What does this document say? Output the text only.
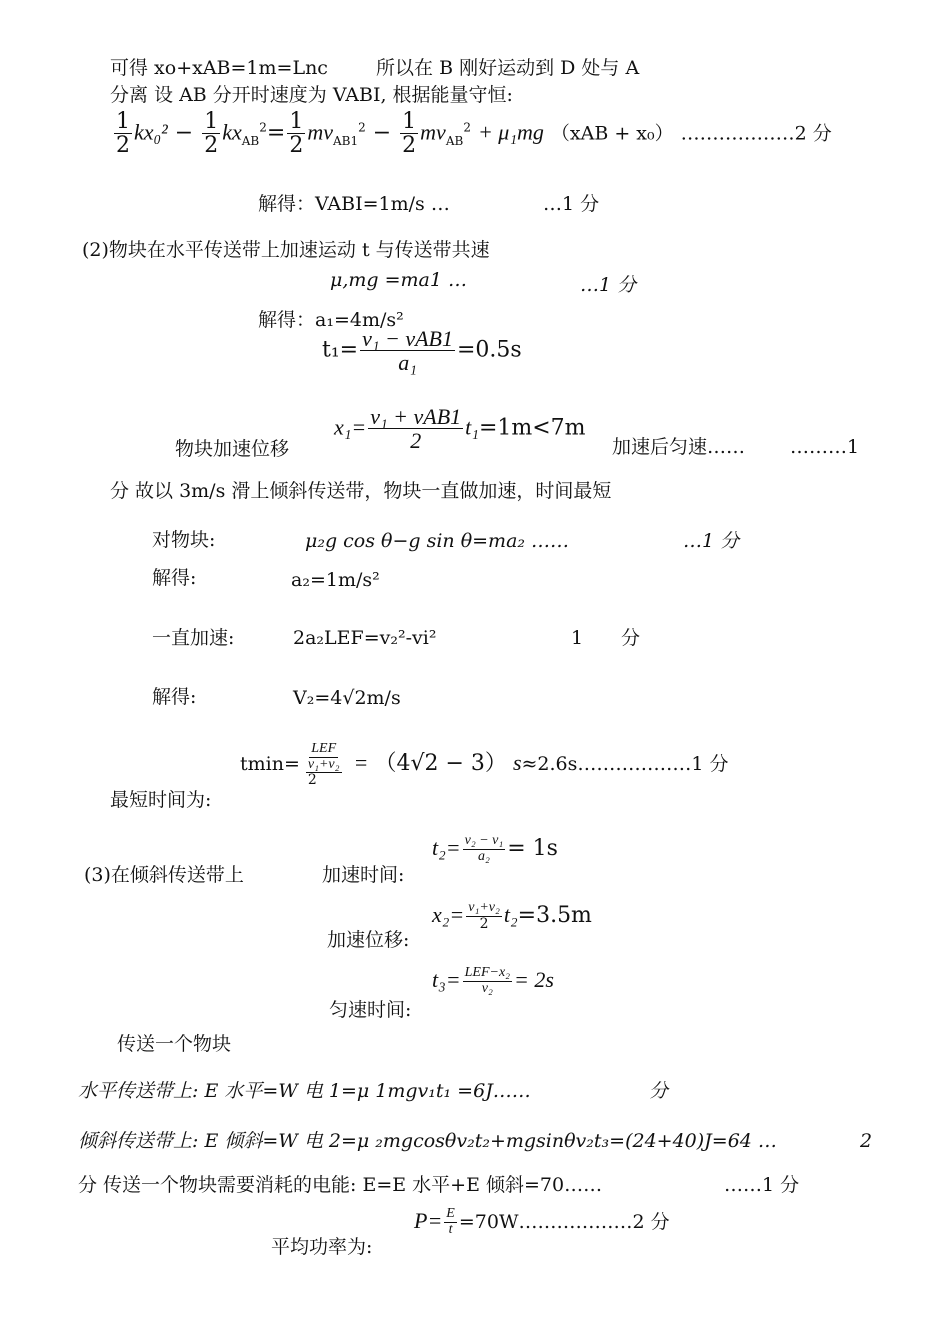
可得 xo+xAB=1m=Lnc	所以在 B 刚好运动到 D 处与 A
分离 设 AB 分开时速度为 VABI, 根据能量守恒:
$\frac{1}{2} kx_0^2 - \frac{1}{2} kx_{AB}^2= \frac{1}{2} mv_{AB1}^2 - \frac{1}{2} mv_{AB}^2 + \mu_1mg$ （xAB + x₀） ………………2 分
解得：VABI=1m/s …	…1 分
(2)物块在水平传送带上加速运动 t 与传送带共速
μ,mg =ma1 …	…1 分
解得：a₁=4m/s²
$t_1= \frac{\text{v₁ − vAB1}}{\text{a₁}} =0.5s$
物块加速位移
$x_1= \frac{\text{v₁ + vAB1}}{2} t_1=1m<7m$
加速后匀速…… ………1
分 故以 3m/s 滑上倾斜传送带，物块一直做加速，时间最短
对物块:	μ₂g cos θ−g sin θ=ma₂ ……	…1 分
解得:	a₂=1m/s²
一直加速:	2a₂LEF=v₂²-vi²	1 分
解得:	V₂=4√2m/s
$tmin= \frac{\text{LEF}}{\frac{\text{v₁+v₂}}{2}} = (4√2 - 3)$ s≈2.6s………………1 分
最短时间为:
(3)在倾斜传送带上	加速时间:
$t_2= \frac{\text{v₂ − v₁}}{\text{a₂}} = 1s$
加速位移:
$x_2= \frac{\text{v₁+v₂}}{2} t_2=3.5m$
匀速时间:
$t_3= \frac{\text{LEF−x₂}}{\text{v₂}} = 2s$
传送一个物块
水平传送带上: E 水平=W 电 1=μ 1mgv₁t₁ =6J……	分
倾斜传送带上: E 倾斜=W 电 2=μ ₂mgcosθv₂t₂+mgsinθv₂t₃=(24+40)J=64 …	2
分 传送一个物块需要消耗的电能: E=E 水平+E 倾斜=70……	……1 分
平均功率为:
$P= \frac{E}{t}$ =70W………………2 分
